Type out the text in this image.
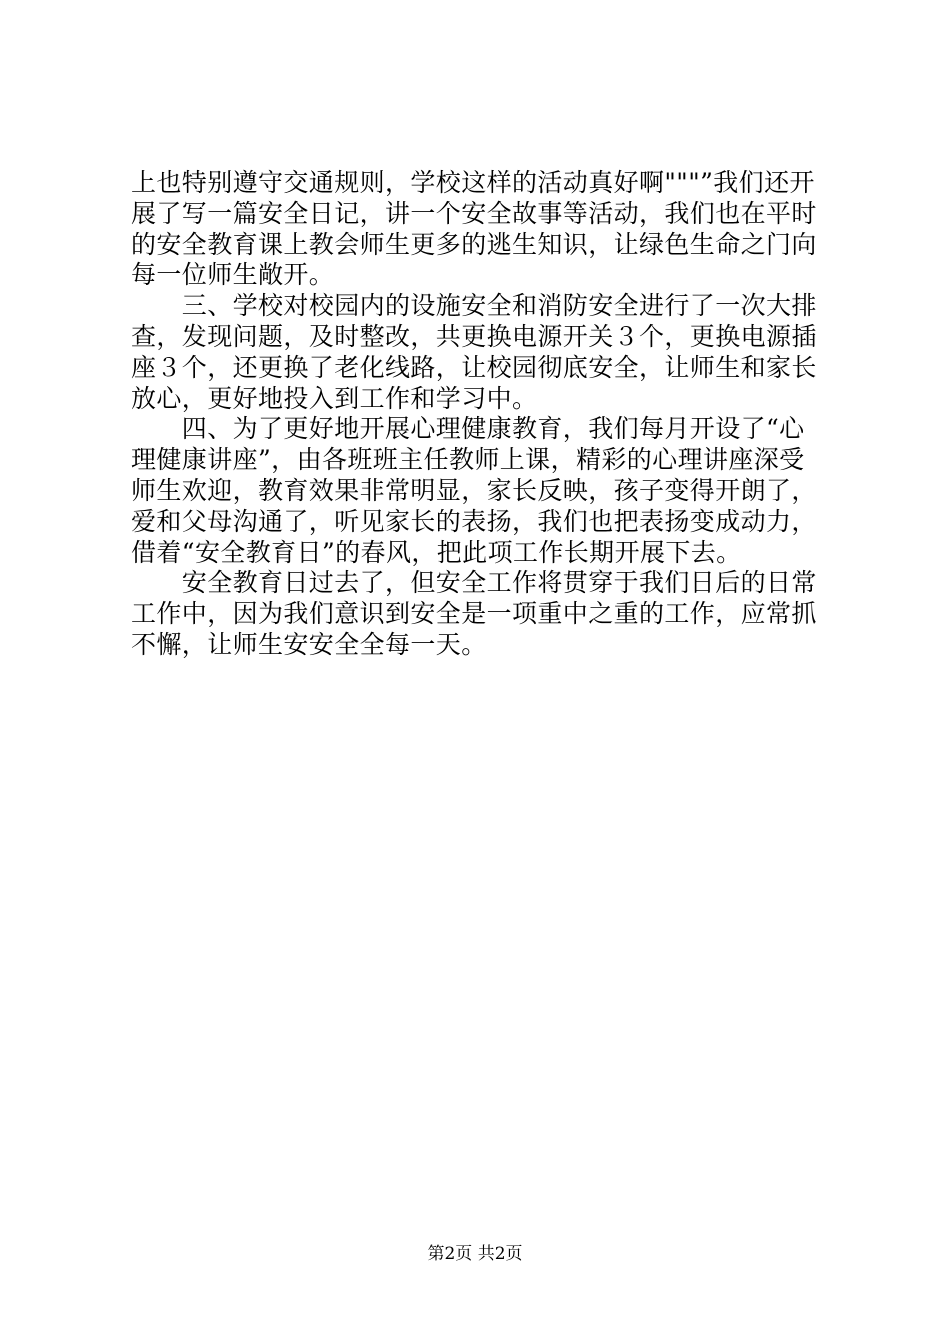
上也特别遵守交通规则，学校这样的活动真好啊"""”我们还开
展了写一篇安全日记，讲一个安全故事等活动，我们也在平时
的安全教育课上教会师生更多的逃生知识，让绿色生命之门向
每一位师生敞开。
　　三、学校对校园内的设施安全和消防安全进行了一次大排
查，发现问题，及时整改，共更换电源开关３个，更换电源插
座３个，还更换了老化线路，让校园彻底安全，让师生和家长
放心，更好地投入到工作和学习中。
　　四、为了更好地开展心理健康教育，我们每月开设了“心
理健康讲座”，由各班班主任教师上课，精彩的心理讲座深受
师生欢迎，教育效果非常明显，家长反映，孩子变得开朗了，
爱和父母沟通了，听见家长的表扬，我们也把表扬变成动力，
借着“安全教育日”的春风，把此项工作长期开展下去。
　　安全教育日过去了，但安全工作将贯穿于我们日后的日常
工作中，因为我们意识到安全是一项重中之重的工作，应常抓
不懈，让师生安安全全每一天。
第2页 共2页
